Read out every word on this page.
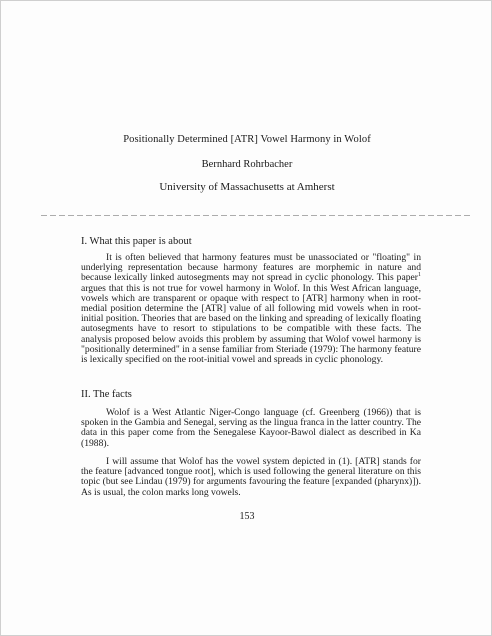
Positionally Determined [ATR] Vowel Harmony in Wolof
Bernhard Rohrbacher
University of Massachusetts at Amherst
I. What this paper is about

It is often believed that harmony features must be unassociated or "floating" in underlying representation because harmony features are morphemic in nature and because lexically linked autosegments may not spread in cyclic phonology. This paper$^1$ argues that this is not true for vowel harmony in Wolof. In this West African language, vowels which are transparent or opaque with respect to [ATR] harmony when in root-medial position determine the [ATR] value of all following mid vowels when in root-initial position. Theories that are based on the linking and spreading of lexically floating autosegments have to resort to stipulations to be compatible with these facts. The analysis proposed below avoids this problem by assuming that Wolof vowel harmony is "positionally determined" in a sense familiar from Steriade (1979): The harmony feature is lexically specified on the root-initial vowel and spreads in cyclic phonology.

II. The facts

Wolof is a West Atlantic Niger-Congo language (cf. Greenberg (1966)) that is spoken in the Gambia and Senegal, serving as the lingua franca in the latter country. The data in this paper come from the Senegalese Kayoor-Bawol dialect as described in Ka (1988).

I will assume that Wolof has the vowel system depicted in (1). [ATR] stands for the feature [advanced tongue root], which is used following the general literature on this topic (but see Lindau (1979) for arguments favouring the feature [expanded (pharynx)]). As is usual, the colon marks long vowels.

153
